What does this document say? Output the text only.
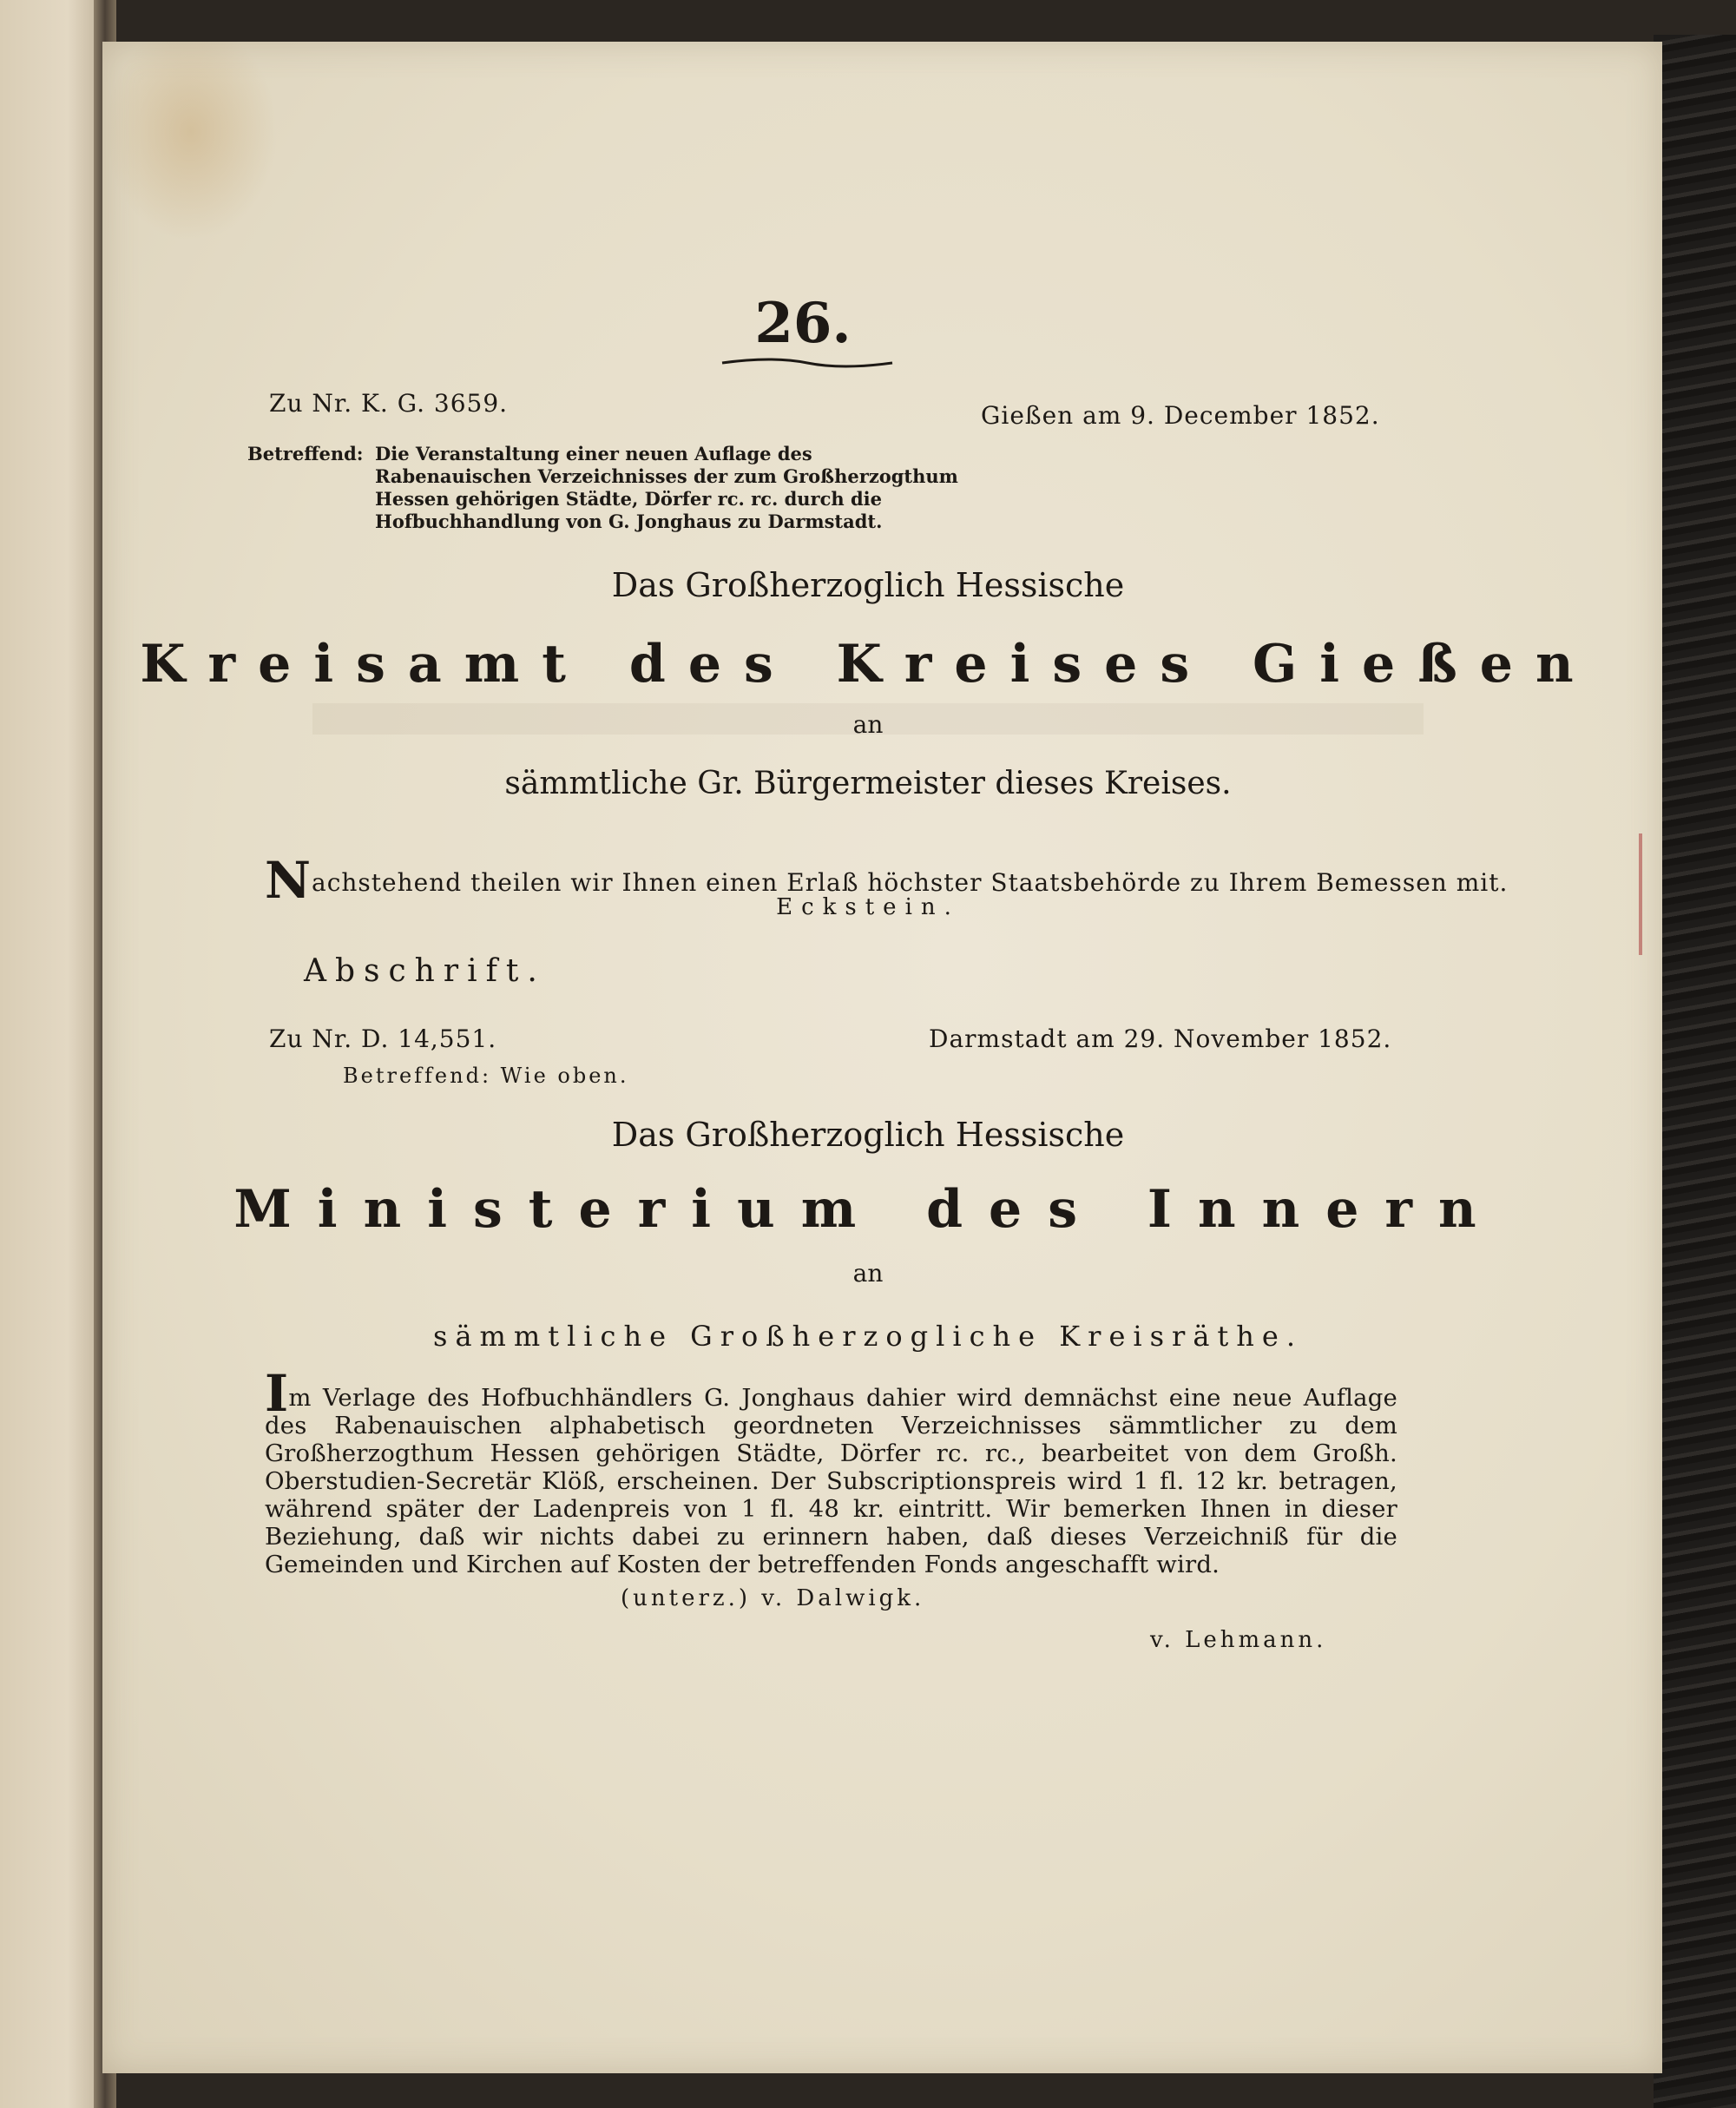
26.
Zu Nr. K. G. 3659.	Gießen am 9. December 1852.
Betreffend: Die Veranstaltung einer neuen Auflage des Rabenauischen Verzeichnisses der zum Großherzogthum Hessen gehörigen Städte, Dörfer rc. rc. durch die Hofbuchhandlung von G. Jonghaus zu Darmstadt.
Das Großherzoglich Hessische
Kreisamt des Kreises Gießen
an
sämmtliche Gr. Bürgermeister dieses Kreises.
Nachstehend theilen wir Ihnen einen Erlaß höchster Staatsbehörde zu Ihrem Bemessen mit.
Eckstein.
Abschrift.
Zu Nr. D. 14,551.	Darmstadt am 29. November 1852.
Betreffend: Wie oben.
Das Großherzoglich Hessische
Ministerium des Innern
an
sämmtliche Großherzogliche Kreisräthe.
Im Verlage des Hofbuchhändlers G. Jonghaus dahier wird demnächst eine neue Auflage des Rabenauischen alphabetisch geordneten Verzeichnisses sämmtlicher zu dem Großherzogthum Hessen gehörigen Städte, Dörfer rc. rc., bearbeitet von dem Großh. Oberstudien-Secretär Klöß, erscheinen. Der Subscriptionspreis wird 1 fl. 12 kr. betragen, während später der Ladenpreis von 1 fl. 48 kr. eintritt. Wir bemerken Ihnen in dieser Beziehung, daß wir nichts dabei zu erinnern haben, daß dieses Verzeichniß für die Gemeinden und Kirchen auf Kosten der betreffenden Fonds angeschafft wird.
(unterz.) v. Dalwigk.
v. Lehmann.
